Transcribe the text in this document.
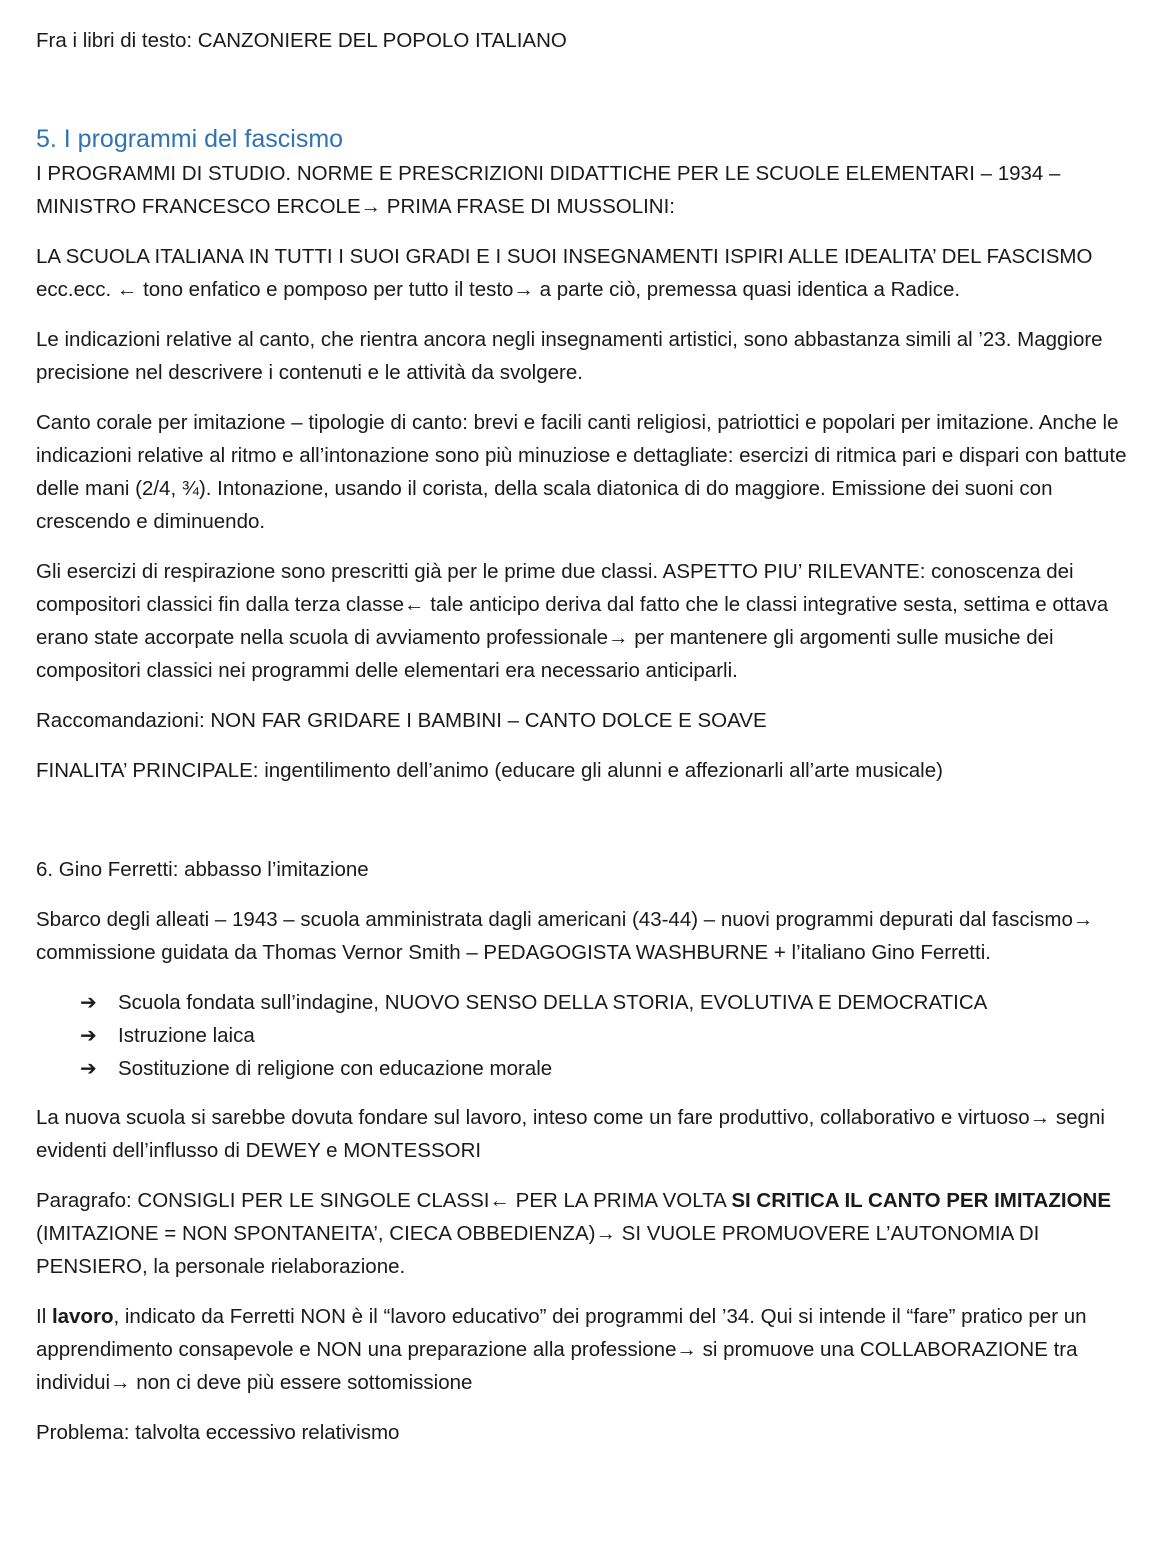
Fra i libri di testo: CANZONIERE DEL POPOLO ITALIANO

5. I programmi del fascismo

I PROGRAMMI DI STUDIO. NORME E PRESCRIZIONI DIDATTICHE PER LE SCUOLE ELEMENTARI – 1934 – MINISTRO FRANCESCO ERCOLE→ PRIMA FRASE DI MUSSOLINI:

LA SCUOLA ITALIANA IN TUTTI I SUOI GRADI E I SUOI INSEGNAMENTI ISPIRI ALLE IDEALITA’ DEL FASCISMO ecc.ecc. ← tono enfatico e pomposo per tutto il testo→ a parte ciò, premessa quasi identica a Radice.

Le indicazioni relative al canto, che rientra ancora negli insegnamenti artistici, sono abbastanza simili al ’23. Maggiore precisione nel descrivere i contenuti e le attività da svolgere.

Canto corale per imitazione – tipologie di canto: brevi e facili canti religiosi, patriottici e popolari per imitazione. Anche le indicazioni relative al ritmo e all’intonazione sono più minuziose e dettagliate: esercizi di ritmica pari e dispari con battute delle mani (2/4, ¾). Intonazione, usando il corista, della scala diatonica di do maggiore. Emissione dei suoni con crescendo e diminuendo.

Gli esercizi di respirazione sono prescritti già per le prime due classi. ASPETTO PIU’ RILEVANTE: conoscenza dei compositori classici fin dalla terza classe← tale anticipo deriva dal fatto che le classi integrative sesta, settima e ottava erano state accorpate nella scuola di avviamento professionale→ per mantenere gli argomenti sulle musiche dei compositori classici nei programmi delle elementari era necessario anticiparli.

Raccomandazioni: NON FAR GRIDARE I BAMBINI – CANTO DOLCE E SOAVE

FINALITA’ PRINCIPALE: ingentilimento dell’animo (educare gli alunni e affezionarli all’arte musicale)

6. Gino Ferretti: abbasso l’imitazione

Sbarco degli alleati – 1943 – scuola amministrata dagli americani (43-44) – nuovi programmi depurati dal fascismo→ commissione guidata da Thomas Vernor Smith – PEDAGOGISTA WASHBURNE + l’italiano Gino Ferretti.

➔	Scuola fondata sull’indagine, NUOVO SENSO DELLA STORIA, EVOLUTIVA E DEMOCRATICA
➔	Istruzione laica
➔	Sostituzione di religione con educazione morale

La nuova scuola si sarebbe dovuta fondare sul lavoro, inteso come un fare produttivo, collaborativo e virtuoso→ segni evidenti dell’influsso di DEWEY e MONTESSORI

Paragrafo: CONSIGLI PER LE SINGOLE CLASSI← PER LA PRIMA VOLTA SI CRITICA IL CANTO PER IMITAZIONE (IMITAZIONE = NON SPONTANEITA’, CIECA OBBEDIENZA)→ SI VUOLE PROMUOVERE L’AUTONOMIA DI PENSIERO, la personale rielaborazione.

Il lavoro, indicato da Ferretti NON è il “lavoro educativo” dei programmi del ’34. Qui si intende il “fare” pratico per un apprendimento consapevole e NON una preparazione alla professione→ si promuove una COLLABORAZIONE tra individui→ non ci deve più essere sottomissione

Problema: talvolta eccessivo relativismo
